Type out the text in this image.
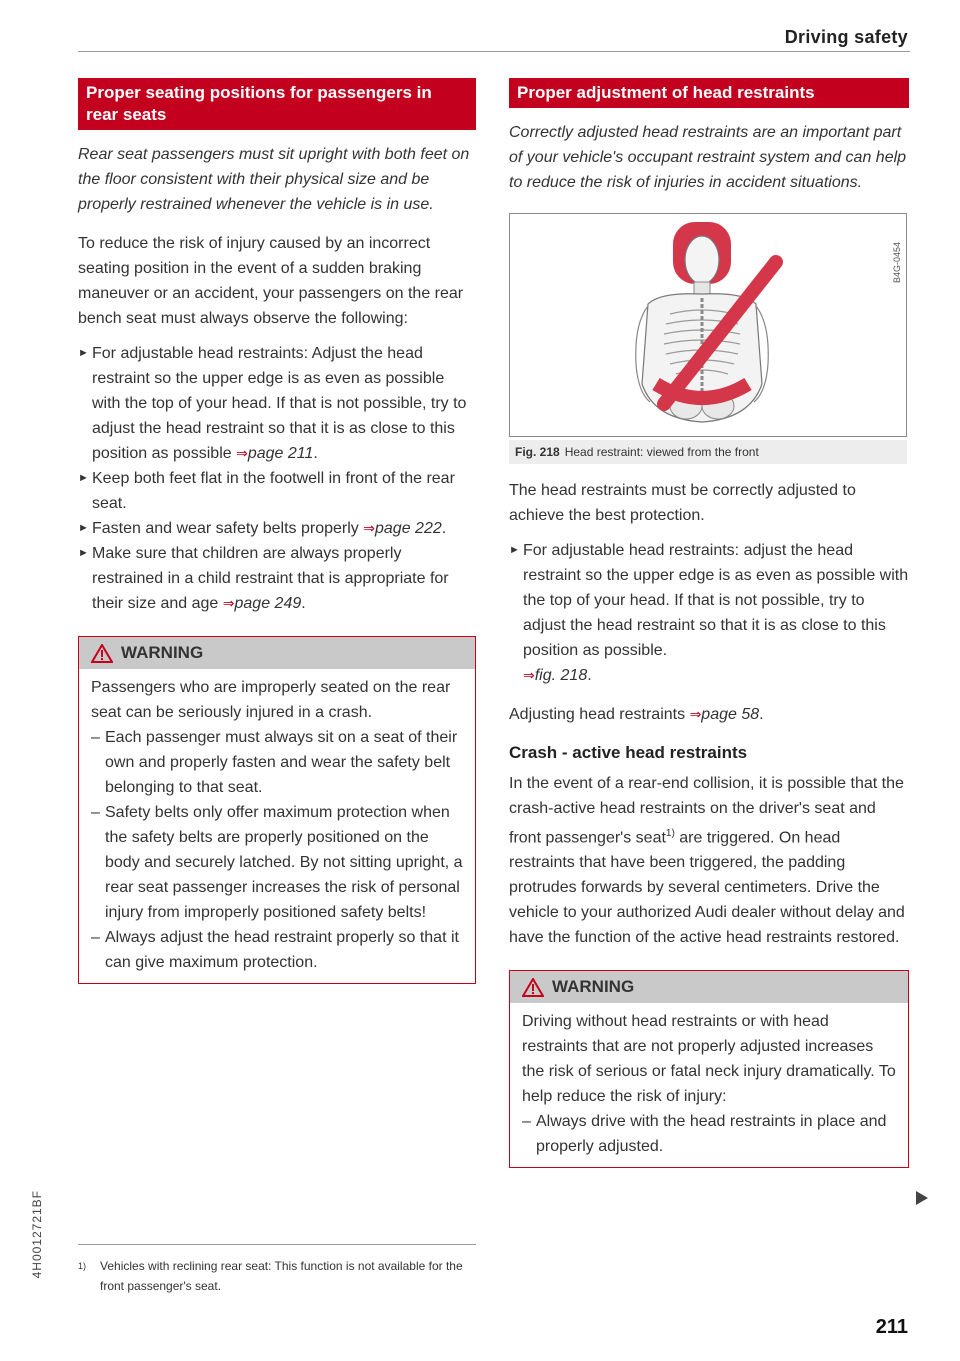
Driving safety
Proper seating positions for passengers in rear seats

Rear seat passengers must sit upright with both feet on the floor consistent with their physical size and be properly restrained whenever the vehicle is in use.

To reduce the risk of injury caused by an incorrect seating position in the event of a sudden braking maneuver or an accident, your passengers on the rear bench seat must always observe the following:

► For adjustable head restraints: Adjust the head restraint so the upper edge is as even as possible with the top of your head. If that is not possible, try to adjust the head restraint so that it is as close to this position as possible ⇒page 211.
► Keep both feet flat in the footwell in front of the rear seat.
► Fasten and wear safety belts properly ⇒page 222.
► Make sure that children are always properly restrained in a child restraint that is appropriate for their size and age ⇒page 249.
WARNING

Passengers who are improperly seated on the rear seat can be seriously injured in a crash.

– Each passenger must always sit on a seat of their own and properly fasten and wear the safety belt belonging to that seat.
– Safety belts only offer maximum protection when the safety belts are properly positioned on the body and securely latched. By not sitting upright, a rear seat passenger increases the risk of personal injury from improperly positioned safety belts!
– Always adjust the head restraint properly so that it can give maximum protection.
Proper adjustment of head restraints

Correctly adjusted head restraints are an important part of your vehicle's occupant restraint system and can help to reduce the risk of injuries in accident situations.

B4G-0454
Fig. 218 Head restraint: viewed from the front

The head restraints must be correctly adjusted to achieve the best protection.

► For adjustable head restraints: adjust the head restraint so the upper edge is as even as possible with the top of your head. If that is not possible, try to adjust the head restraint so that it is as close to this position as possible.
⇒fig. 218.

Adjusting head restraints ⇒page 58.

Crash - active head restraints

In the event of a rear-end collision, it is possible that the crash-active head restraints on the driver's seat and front passenger's seat$^{1)}$ are triggered. On head restraints that have been triggered, the padding protrudes forwards by several centimeters. Drive the vehicle to your authorized Audi dealer without delay and have the function of the active head restraints restored.

WARNING

Driving without head restraints or with head restraints that are not properly adjusted increases the risk of serious or fatal neck injury dramatically. To help reduce the risk of injury:

– Always drive with the head restraints in place and properly adjusted.
1)	Vehicles with reclining rear seat: This function is not available for the front passenger's seat.
4H0012721BF
211
